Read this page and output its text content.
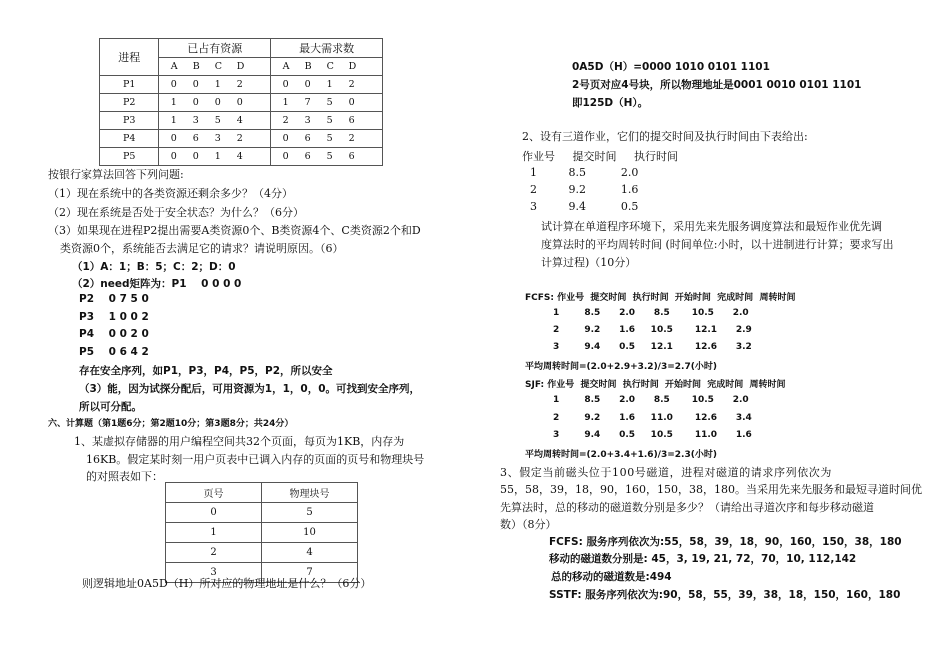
进程	已占有资源	最大需求数
	A B C D	A B C D
P1	0 0 1 2	0 0 1 2
P2	1 0 0 0	1 7 5 0
P3	1 3 5 4	2 3 5 6
P4	0 6 3 2	0 6 5 2
P5	0 0 1 4	0 6 5 6
按银行家算法回答下列问题:
（1）现在系统中的各类资源还剩余多少？（4分）
（2）现在系统是否处于安全状态？为什么？（6分）
（3）如果现在进程P2提出需要A类资源0个、B类资源4个、C类资源2个和D
类资源0个，系统能否去满足它的请求？请说明原因。（6）
（1）A：1；B：5；C：2；D：0
（2）need矩阵为：P1    0 0 0 0
P2    0 7 5 0
P3    1 0 0 2
P4    0 0 2 0
P5    0 6 4 2
存在安全序列，如P1，P3，P4，P5，P2，所以安全
（3）能，因为试探分配后，可用资源为1，1，0，0。可找到安全序列，
所以可分配。
六、计算题（第1题6分；第2题10分；第3题8分；共24分）
1、某虚拟存储器的用户编程空间共32个页面，每页为1KB，内存为
16KB。假定某时刻一用户页表中已调入内存的页面的页号和物理块号
的对照表如下：
页号	物理块号
0	5
1	10
2	4
3	7
则逻辑地址0A5D（H）所对应的物理地址是什么？（6分）
0A5D（H）=0000 1010 0101 1101
2号页对应4号块，所以物理地址是0001 0010 0101 1101
即125D（H）。
2、设有三道作业，它们的提交时间及执行时间由下表给出:
作业号     提交时间     执行时间
1         8.5          2.0
2         9.2          1.6
3         9.4          0.5
试计算在单道程序环境下，采用先来先服务调度算法和最短作业优先调
度算法时的平均周转时间 (时间单位:小时，以十进制进行计算；要求写出
计算过程)（10分）
FCFS: 作业号  提交时间  执行时间  开始时间  完成时间  周转时间
1        8.5      2.0      8.5       10.5      2.0
2        9.2      1.6     10.5       12.1      2.9
3        9.4      0.5     12.1       12.6      3.2
平均周转时间=(2.0+2.9+3.2)/3=2.7(小时)
SJF: 作业号  提交时间  执行时间  开始时间  完成时间  周转时间
1        8.5      2.0      8.5       10.5      2.0
2        9.2      1.6     11.0       12.6      3.4
3        9.4      0.5     10.5       11.0      1.6
平均周转时间=(2.0+3.4+1.6)/3=2.3(小时)
3、假定当前磁头位于100号磁道，进程对磁道的请求序列依次为
55，58，39，18，90，160，150，38，180。当采用先来先服务和最短寻道时间优
先算法时，总的移动的磁道数分别是多少？（请给出寻道次序和每步移动磁道
数）（8分）
FCFS: 服务序列依次为:55，58，39，18，90，160，150，38，180
移动的磁道数分别是: 45，3, 19, 21, 72，70，10, 112,142
总的移动的磁道数是:494
SSTF: 服务序列依次为:90，58，55，39，38，18，150，160，180
